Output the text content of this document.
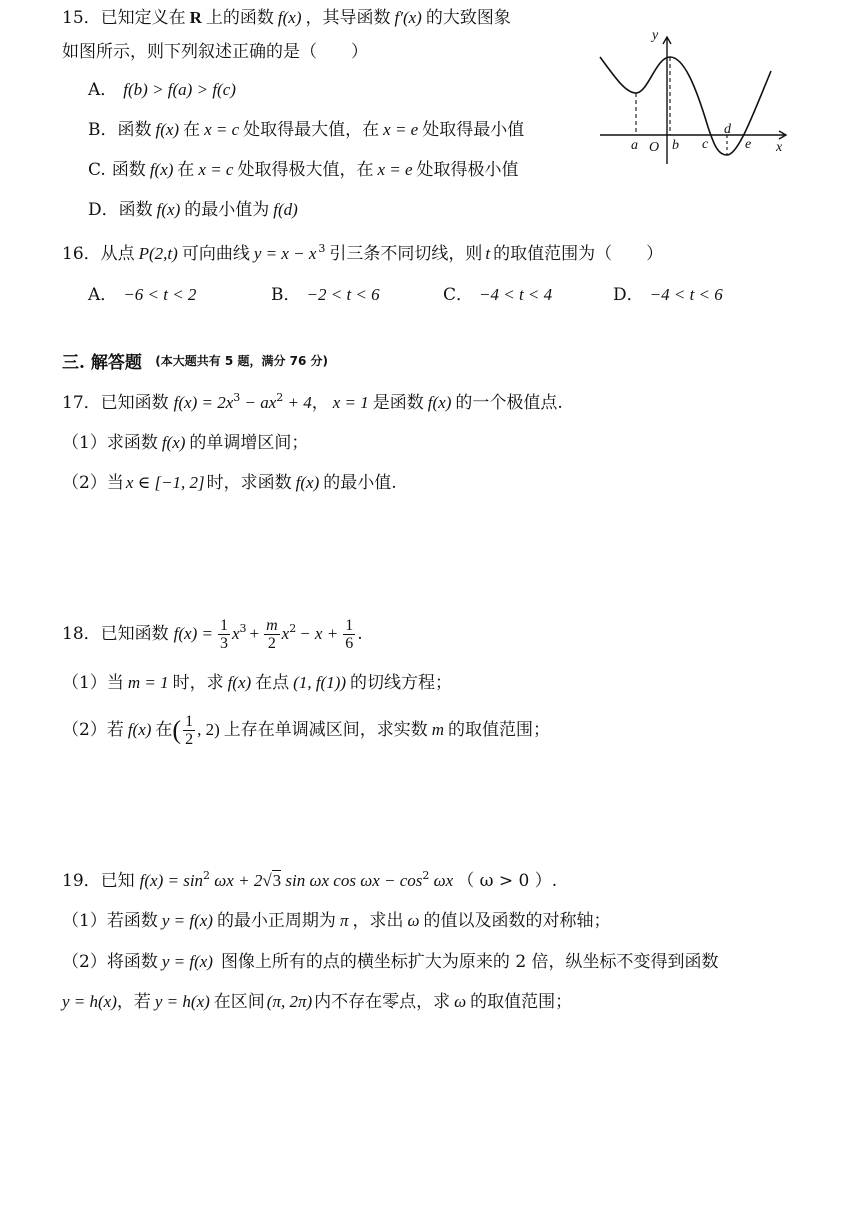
15．已知定义在 R 上的函数 f(x) ，其导函数 f′(x) 的大致图象
如图所示，则下列叙述正确的是（　　）
A． f(b) > f(a) > f(c)
B．函数 f(x) 在 x = c 处取得最大值，在 x = e 处取得最小值
C. 函数 f(x) 在 x = c 处取得极大值，在 x = e 处取得极小值
D．函数 f(x) 的最小值为 f(d)
y
x
a O b c
d
e
16．从点 P(2,t) 可向曲线 y = x − x $^3$ 引三条不同切线，则 t 的取值范围为（　　）
A． −6 < t < 2	B． −2 < t < 6	C． −4 < t < 4	D． −4 < t < 6
三. 解答题 (本大题共有 5 题，满分 76 分)
17．已知函数 $f(x) = 2x^3 - ax^2 + 4$， x = 1 是函数 f(x) 的一个极值点.
（1）求函数 f(x) 的单调增区间；
（2）当 x ∈ [−1, 2] 时，求函数 f(x) 的最小值.
18．已知函数 $f(x) = \frac{1}{3} x^3 + \frac{m}{2} x^2 - x + \frac{1}{6}$ .
（1）当 m = 1 时，求 f(x) 在点 (1, f(1)) 的切线方程；
（2）若 f(x) 在( $\frac{1}{2}$ , 2) 上存在单调减区间，求实数 m 的取值范围；
19．已知 $f(x) = \sin^2 \omega x + 2√3$ sin ωx $\cos \omega x - \cos^2 \omega x$ （ ω > 0 ）.
（1）若函数 y = f(x) 的最小正周期为 π ，求出 ω 的值以及函数的对称轴；
（2）将函数 y = f(x) 图像上所有的点的横坐标扩大为原来的 2 倍，纵坐标不变得到函数
y = h(x)，若 y = h(x) 在区间 (π, 2π) 内不存在零点，求 ω 的取值范围；
